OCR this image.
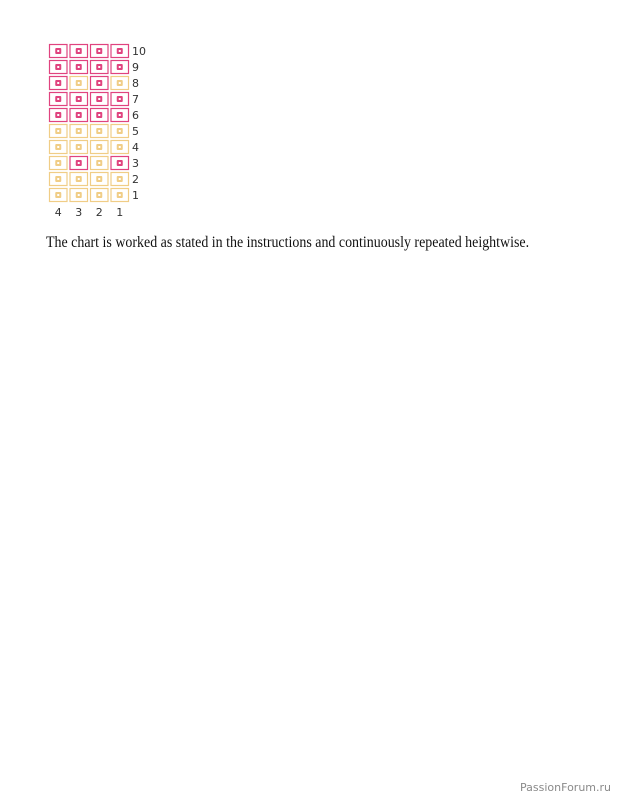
10
9
8
7
6
5
4
3
2
1
4 3 2 1

The chart is worked as stated in the instructions and continuously repeated heightwise.

PassionForum.ru
